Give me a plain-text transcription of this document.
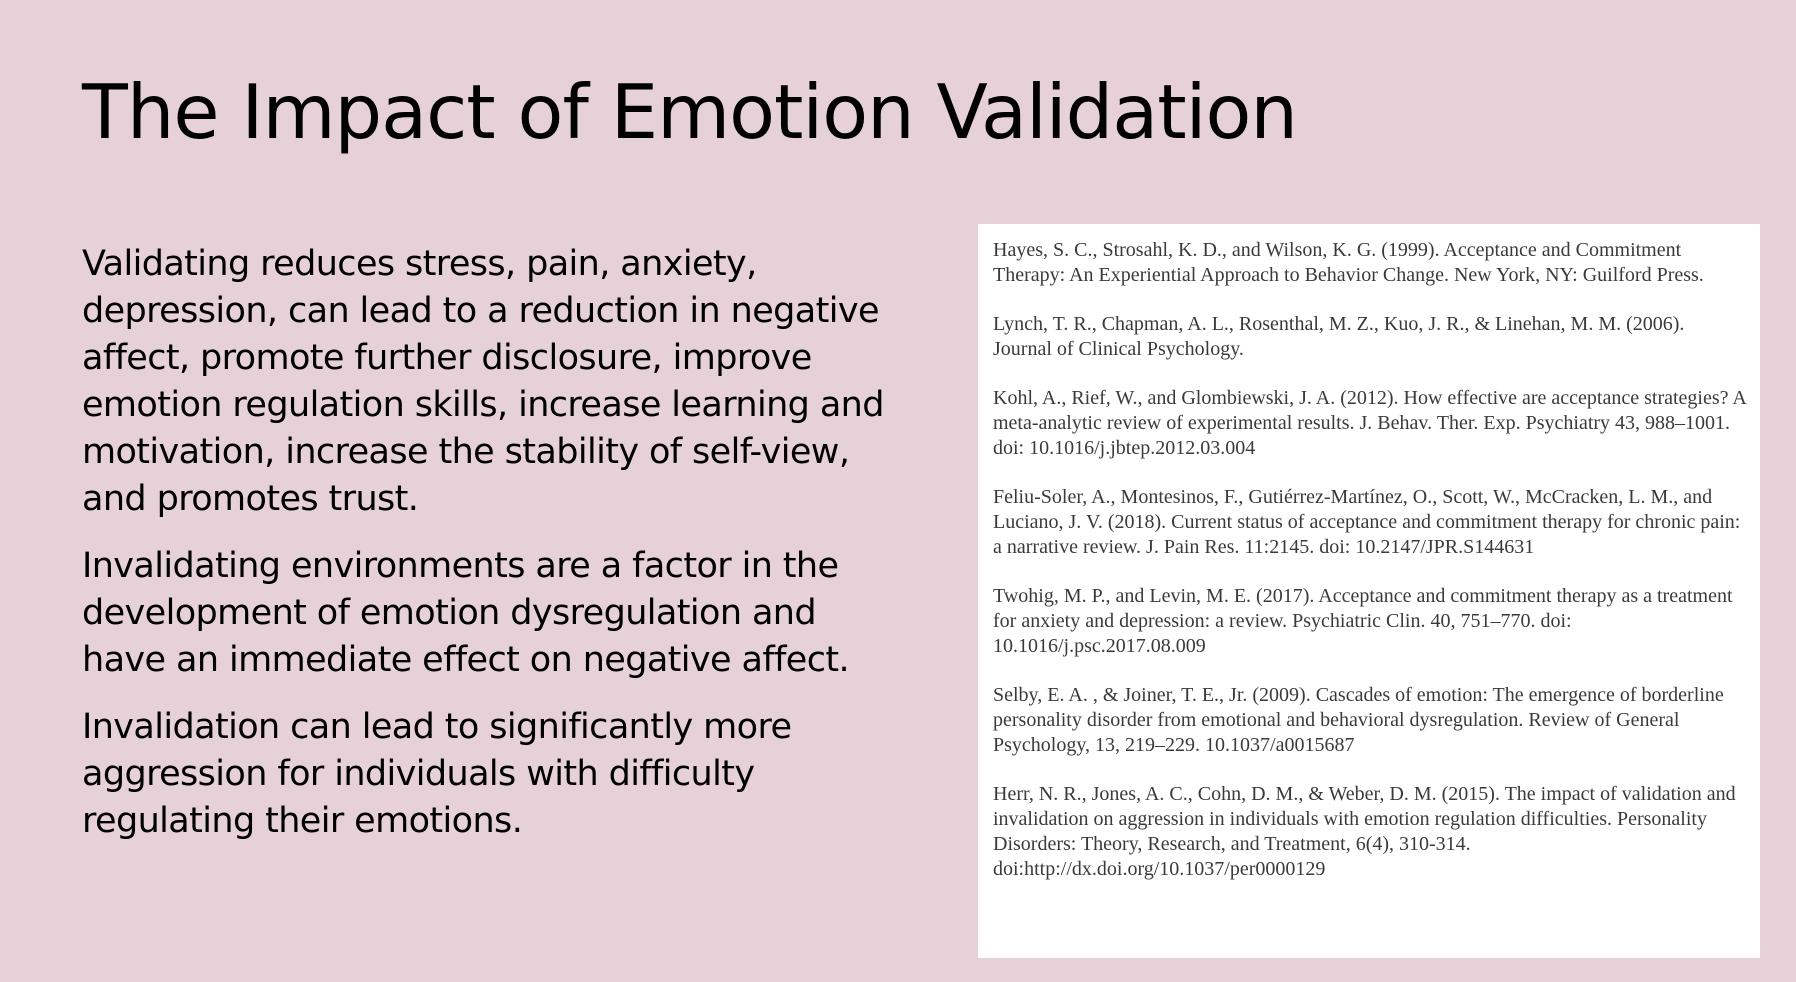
The Impact of Emotion Validation

Validating reduces stress, pain, anxiety, depression, can lead to a reduction in negative affect, promote further disclosure, improve emotion regulation skills, increase learning and motivation, increase the stability of self-view, and promotes trust.

Invalidating environments are a factor in the development of emotion dysregulation and have an immediate effect on negative affect.

Invalidation can lead to significantly more aggression for individuals with difficulty regulating their emotions.

Hayes, S. C., Strosahl, K. D., and Wilson, K. G. (1999). Acceptance and Commitment Therapy: An Experiential Approach to Behavior Change. New York, NY: Guilford Press.

Lynch, T. R., Chapman, A. L., Rosenthal, M. Z., Kuo, J. R., & Linehan, M. M. (2006). Journal of Clinical Psychology.

Kohl, A., Rief, W., and Glombiewski, J. A. (2012). How effective are acceptance strategies? A meta-analytic review of experimental results. J. Behav. Ther. Exp. Psychiatry 43, 988–1001. doi: 10.1016/j.jbtep.2012.03.004

Feliu-Soler, A., Montesinos, F., Gutiérrez-Martínez, O., Scott, W., McCracken, L. M., and Luciano, J. V. (2018). Current status of acceptance and commitment therapy for chronic pain: a narrative review. J. Pain Res. 11:2145. doi: 10.2147/JPR.S144631

Twohig, M. P., and Levin, M. E. (2017). Acceptance and commitment therapy as a treatment for anxiety and depression: a review. Psychiatric Clin. 40, 751–770. doi: 10.1016/j.psc.2017.08.009

Selby, E. A. , & Joiner, T. E., Jr. (2009). Cascades of emotion: The emergence of borderline personality disorder from emotional and behavioral dysregulation. Review of General Psychology, 13, 219–229. 10.1037/a0015687

Herr, N. R., Jones, A. C., Cohn, D. M., & Weber, D. M. (2015). The impact of validation and invalidation on aggression in individuals with emotion regulation difficulties. Personality Disorders: Theory, Research, and Treatment, 6(4), 310-314. doi:http://dx.doi.org/10.1037/per0000129
